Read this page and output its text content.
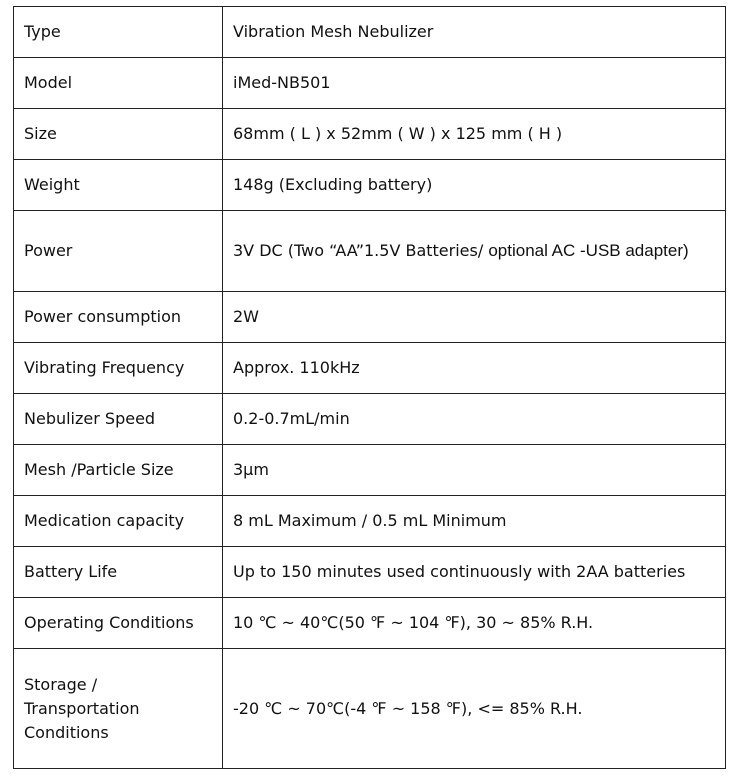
Type	Vibration Mesh Nebulizer
Model	iMed-NB501
Size	68mm ( L ) x 52mm ( W ) x 125 mm ( H )
Weight	148g (Excluding battery)
Power	3V DC (Two “AA”1.5V Batteries/ optional AC -USB adapter)
Power consumption	2W
Vibrating Frequency	Approx. 110kHz
Nebulizer Speed	0.2-0.7mL/min
Mesh /Particle Size	3μm
Medication capacity	8 mL Maximum / 0.5 mL Minimum
Battery Life	Up to 150 minutes used continuously with 2AA batteries
Operating Conditions	10 ℃ ~ 40℃(50 ℉ ~ 104 ℉), 30 ~ 85% R.H.

Storage /
Transportation
Conditions	-20 ℃ ~ 70℃(-4 ℉ ~ 158 ℉), <= 85% R.H.
